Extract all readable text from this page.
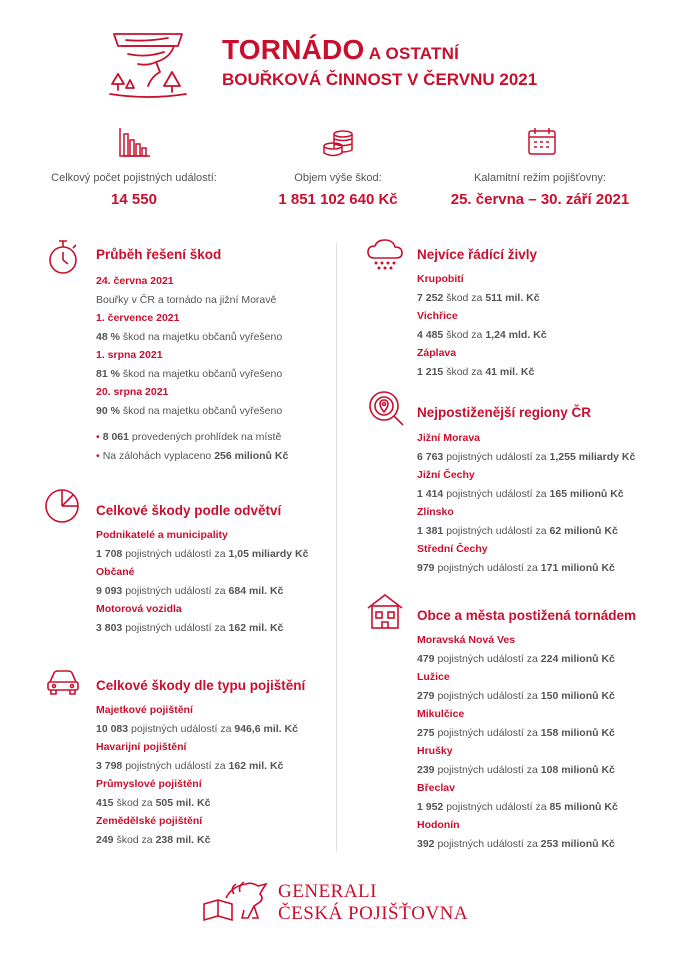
TORNÁDO A OSTATNÍ
BOUŘKOVÁ ČINNOST V ČERVNU 2021
Celkový počet pojistných událostí:
14 550
Objem výše škod:
1 851 102 640 Kč
Kalamitní režim pojišťovny:
25. června – 30. září 2021
Průběh řešení škod
24. června 2021
Bouřky v ČR a tornádo na jižní Moravě
1. července 2021
48 % škod na majetku občanů vyřešeno
1. srpna 2021
81 % škod na majetku občanů vyřešeno
20. srpna 2021
90 % škod na majetku občanů vyřešeno
• 8 061 provedených prohlídek na místě
• Na zálohách vyplaceno 256 milionů Kč
Celkové škody podle odvětví
Podnikatelé a municipality
1 708 pojistných událostí za 1,05 miliardy Kč
Občané
9 093 pojistných událostí za 684 mil. Kč
Motorová vozidla
3 803 pojistných událostí za 162 mil. Kč
Celkové škody dle typu pojištění
Majetkové pojištění
10 083 pojistných událostí za 946,6 mil. Kč
Havarijní pojištění
3 798 pojistných událostí za 162 mil. Kč
Průmyslové pojištění
415 škod za 505 mil. Kč
Zemědělské pojištění
249 škod za 238 mil. Kč
Nejvíce řádící živly
Krupobití
7 252 škod za 511 mil. Kč
Vichřice
4 485 škod za 1,24 mld. Kč
Záplava
1 215 škod za 41 mil. Kč
Nejpostiženější regiony ČR
Jižní Morava
6 763 pojistných událostí za 1,255 miliardy Kč
Jižní Čechy
1 414 pojistných událostí za 165 milionů Kč
Zlínsko
1 381 pojistných událostí za 62 milionů Kč
Střední Čechy
979 pojistných událostí za 171 milionů Kč
Obce a města postižená tornádem
Moravská Nová Ves
479 pojistných událostí za 224 milionů Kč
Lužice
279 pojistných událostí za 150 milionů Kč
Mikulčice
275 pojistných událostí za 158 milionů Kč
Hrušky
239 pojistných událostí za 108 milionů Kč
Břeclav
1 952 pojistných událostí za 85 milionů Kč
Hodonín
392 pojistných událostí za 253 milionů Kč
GENERALI
ČESKÁ POJIŠŤOVNA
